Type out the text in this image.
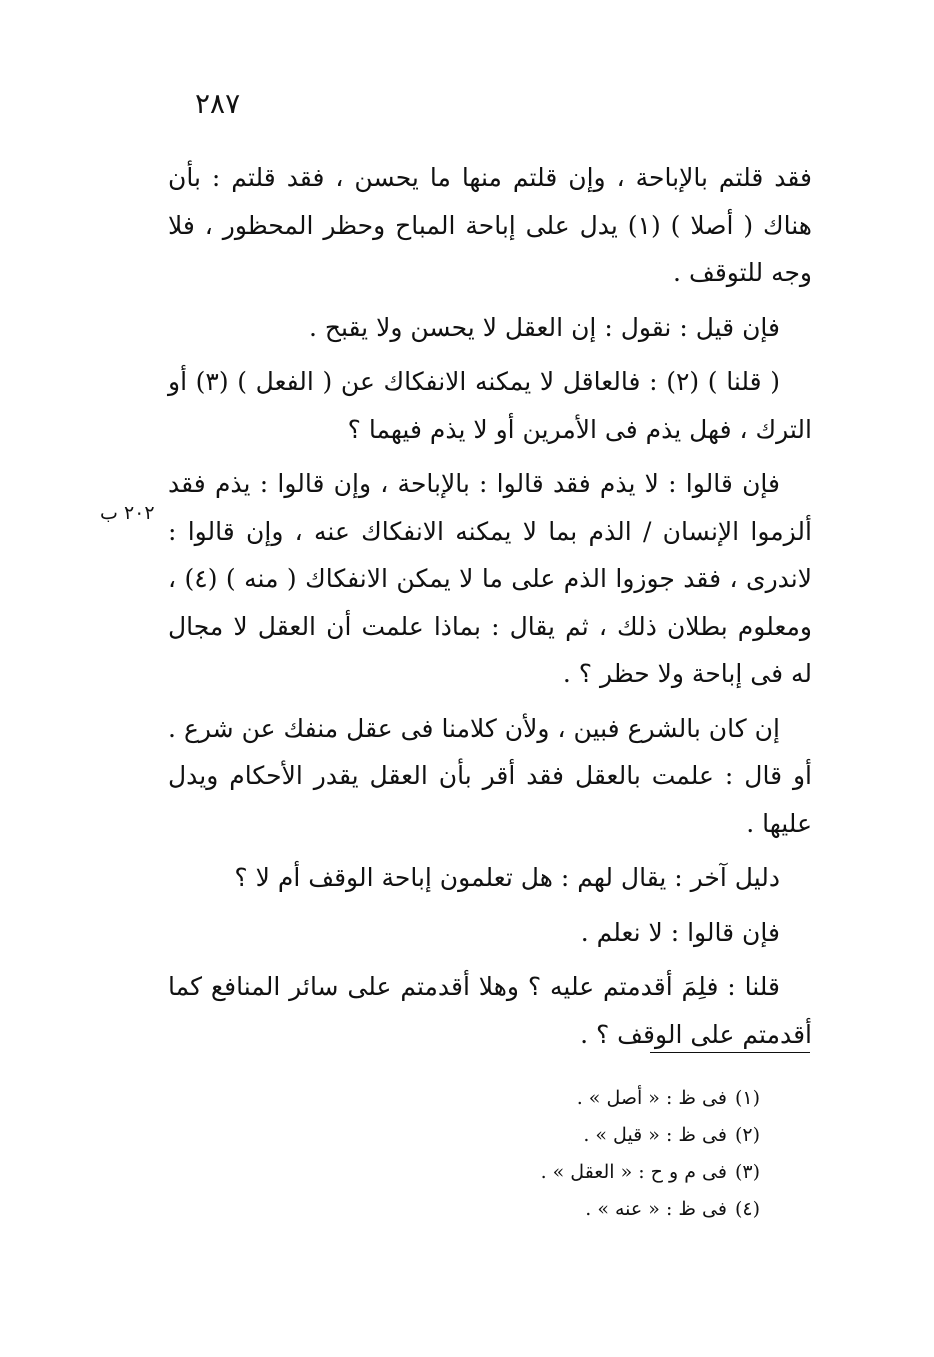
٢٨٧

فقد قلتم بالإباحة ، وإن قلتم منها ما يحسن ، فقد قلتم : بأن هناك ( أصلا ) (١) يدل على إباحة المباح وحظر المحظور ، فلا وجه للتوقف .

فإن قيل : نقول : إن العقل لا يحسن ولا يقبح .

( قلنا ) (٢) : فالعاقل لا يمكنه الانفكاك عن ( الفعل ) (٣) أو الترك ، فهل يذم فى الأمرين أو لا يذم فيهما ؟

فإن قالوا : لا يذم فقد قالوا : بالإباحة ، وإن قالوا : يذم فقد ألزموا الإنسان / الذم بما لا يمكنه الانفكاك عنه ، وإن قالوا : لاندرى ، فقد جوزوا الذم على ما لا يمكن الانفكاك ( منه ) (٤) ، ومعلوم بطلان ذلك ، ثم يقال : بماذا علمت أن العقل لا مجال له فى إباحة ولا حظر ؟ .

إن كان بالشرع فبين ، ولأن كلامنا فى عقل منفك عن شرع . أو قال : علمت بالعقل فقد أقر بأن العقل يقدر الأحكام ويدل عليها .

دليل آخر : يقال لهم : هل تعلمون إباحة الوقف أم لا ؟

فإن قالوا : لا نعلم .

قلنا : فلِمَ أقدمتم عليه ؟ وهلا أقدمتم على سائر المنافع كما أقدمتم على الوقف ؟ .

٢٠٢ ب
(١)فى ظ : « أصل » .
(٢)فى ظ : « قيل » .
(٣)فى م و ح : « العقل » .
(٤)فى ظ : « عنه » .
